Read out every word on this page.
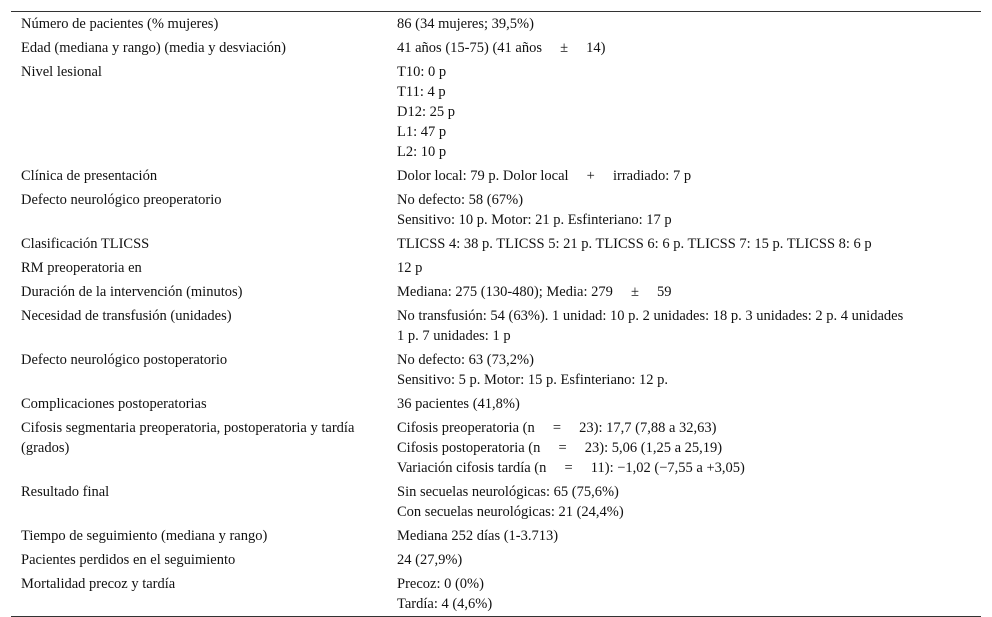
Número de pacientes (% mujeres)	86 (34 mujeres; 39,5%)

Edad (mediana y rango) (media y desviación)	41 años (15-75) (41 años  ±  14)

Nivel lesional	T10: 0 p
T11: 4 p
D12: 25 p
L1: 47 p
L2: 10 p

Clínica de presentación	Dolor local: 79 p. Dolor local  +  irradiado: 7 p

Defecto neurológico preoperatorio	No defecto: 58 (67%)
Sensitivo: 10 p. Motor: 21 p. Esfinteriano: 17 p

Clasificación TLICSS	TLICSS 4: 38 p. TLICSS 5: 21 p. TLICSS 6: 6 p. TLICSS 7: 15 p. TLICSS 8: 6 p

RM preoperatoria en	12 p

Duración de la intervención (minutos)	Mediana: 275 (130-480); Media: 279  ±  59

Necesidad de transfusión (unidades)	No transfusión: 54 (63%). 1 unidad: 10 p. 2 unidades: 18 p. 3 unidades: 2 p. 4 unidades
1 p. 7 unidades: 1 p

Defecto neurológico postoperatorio	No defecto: 63 (73,2%)
Sensitivo: 5 p. Motor: 15 p. Esfinteriano: 12 p.

Complicaciones postoperatorias	36 pacientes (41,8%)

Cifosis segmentaria preoperatoria, postoperatoria y tardía (grados)	Cifosis preoperatoria (n  =  23): 17,7 (7,88 a 32,63)
Cifosis postoperatoria (n  =  23): 5,06 (1,25 a 25,19)
Variación cifosis tardía (n  =  11): −1,02 (−7,55 a +3,05)

Resultado final	Sin secuelas neurológicas: 65 (75,6%)
Con secuelas neurológicas: 21 (24,4%)

Tiempo de seguimiento (mediana y rango)	Mediana 252 días (1-3.713)

Pacientes perdidos en el seguimiento	24 (27,9%)

Mortalidad precoz y tardía	Precoz: 0 (0%)
Tardía: 4 (4,6%)
